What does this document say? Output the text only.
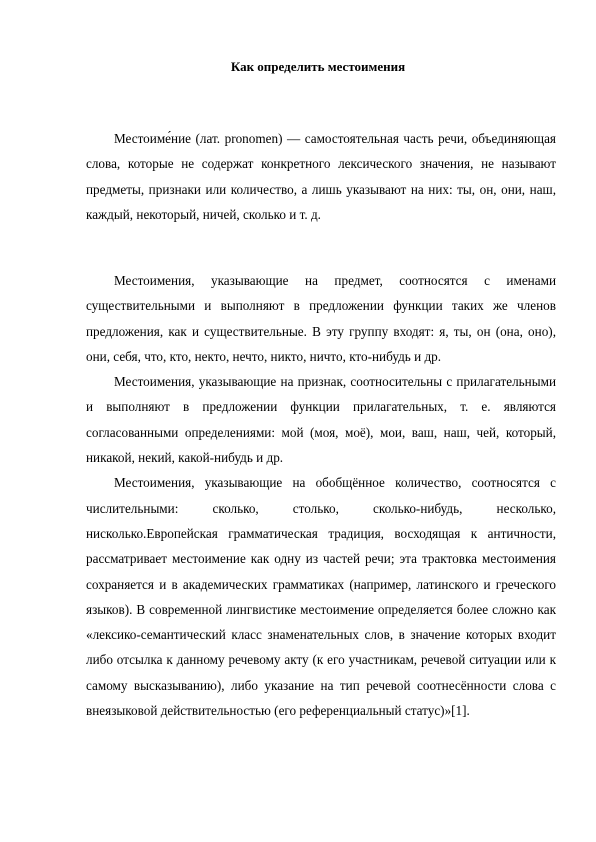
Как определить местоимения

Местоиме́ние (лат. pronomen) — самостоятельная часть речи, объединяющая слова, которые не содержат конкретного лексического значения, не называют предметы, признаки или количество, а лишь указывают на них: ты, он, они, наш, каждый, некоторый, ничей, сколько и т. д.

Местоимения, указывающие на предмет, соотносятся с именами существительными и выполняют в предложении функции таких же членов предложения, как и существительные. В эту группу входят: я, ты, он (она, оно), они, себя, что, кто, некто, нечто, никто, ничто, кто-нибудь и др.

Местоимения, указывающие на признак, соотносительны с прилагательными и выполняют в предложении функции прилагательных, т. е. являются согласованными определениями: мой (моя, моё), мои, ваш, наш, чей, который, никакой, некий, какой-нибудь и др.

Местоимения, указывающие на обобщённое количество, соотносятся с числительными: сколько, столько, сколько-нибудь, несколько, нисколько.Европейская грамматическая традиция, восходящая к античности, рассматривает местоимение как одну из частей речи; эта трактовка местоимения сохраняется и в академических грамматиках (например, латинского и греческого языков). В современной лингвистике местоимение определяется более сложно как «лексико-семантический класс знаменательных слов, в значение которых входит либо отсылка к данному речевому акту (к его участникам, речевой ситуации или к самому высказыванию), либо указание на тип речевой соотнесённости слова с внеязыковой действительностью (его референциальный статус)»[1].
